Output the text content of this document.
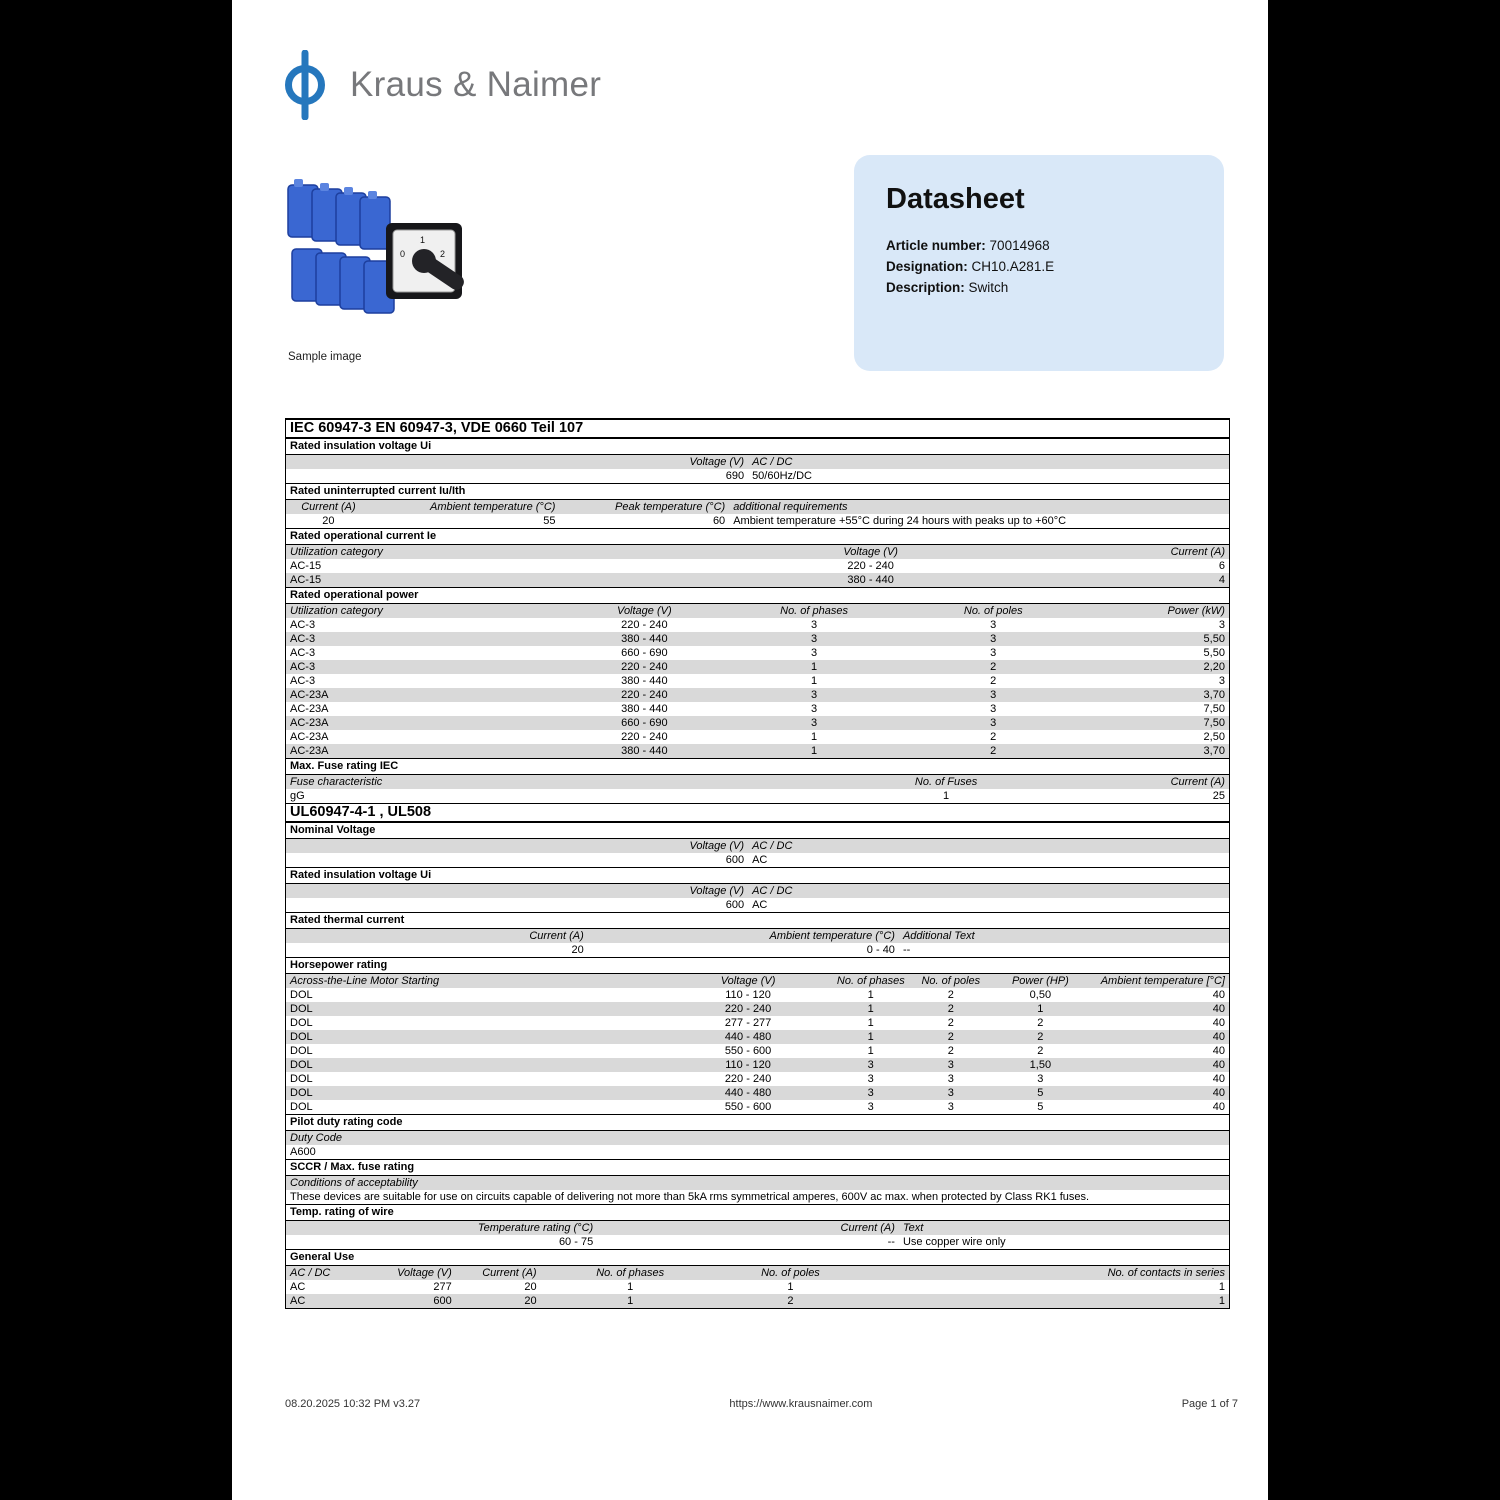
Kraus & Naimer
1
2
0
Sample image
Datasheet
Article number: 70014968
Designation: CH10.A281.E
Description: Switch
IEC 60947-3 EN 60947-3, VDE 0660 Teil 107
Rated insulation voltage Ui
Voltage (V) AC / DC
690 50/60Hz/DC
Rated uninterrupted current Iu/Ith
Current (A)	Ambient temperature (°C)	Peak temperature (°C) additional requirements
20	55	60 Ambient temperature +55°C during 24 hours with peaks up to +60°C
Rated operational current Ie
Utilization category	Voltage (V)	Current (A)
AC-15	220 - 240	6
AC-15	380 - 440	4
Rated operational power
Utilization category	Voltage (V)	No. of phases	No. of poles	Power (kW)
AC-3	220 - 240	3	3	3
AC-3	380 - 440	3	3	5,50
AC-3	660 - 690	3	3	5,50
AC-3	220 - 240	1	2	2,20
AC-3	380 - 440	1	2	3
AC-23A	220 - 240	3	3	3,70
AC-23A	380 - 440	3	3	7,50
AC-23A	660 - 690	3	3	7,50
AC-23A	220 - 240	1	2	2,50
AC-23A	380 - 440	1	2	3,70
Max. Fuse rating IEC
Fuse characteristic	No. of Fuses	Current (A)
gG	1	25
UL60947-4-1 , UL508
Nominal Voltage
Voltage (V) AC / DC
600 AC
Rated insulation voltage Ui
Voltage (V) AC / DC
600 AC
Rated thermal current
Current (A)	Ambient temperature (°C) Additional Text
20	0 - 40 --
Horsepower rating
Across-the-Line Motor Starting	Voltage (V)	No. of phases	No. of poles	Power (HP)	Ambient temperature [°C]
DOL	110 - 120	1	2	0,50	40
DOL	220 - 240	1	2	1	40
DOL	277 - 277	1	2	2	40
DOL	440 - 480	1	2	2	40
DOL	550 - 600	1	2	2	40
DOL	110 - 120	3	3	1,50	40
DOL	220 - 240	3	3	3	40
DOL	440 - 480	3	3	5	40
DOL	550 - 600	3	3	5	40
Pilot duty rating code
Duty Code
A600
SCCR / Max. fuse rating
Conditions of acceptability
These devices are suitable for use on circuits capable of delivering not more than 5kA rms symmetrical amperes, 600V ac max. when protected by Class RK1 fuses.
Temp. rating of wire
Temperature rating (°C)	Current (A) Text
60 - 75	-- Use copper wire only
General Use
AC / DC	Voltage (V)	Current (A)	No. of phases	No. of poles	No. of contacts in series
AC	277	20	1	1	1
AC	600	20	1	2	1
08.20.2025 10:32 PM v3.27	https://www.krausnaimer.com	Page 1 of 7
